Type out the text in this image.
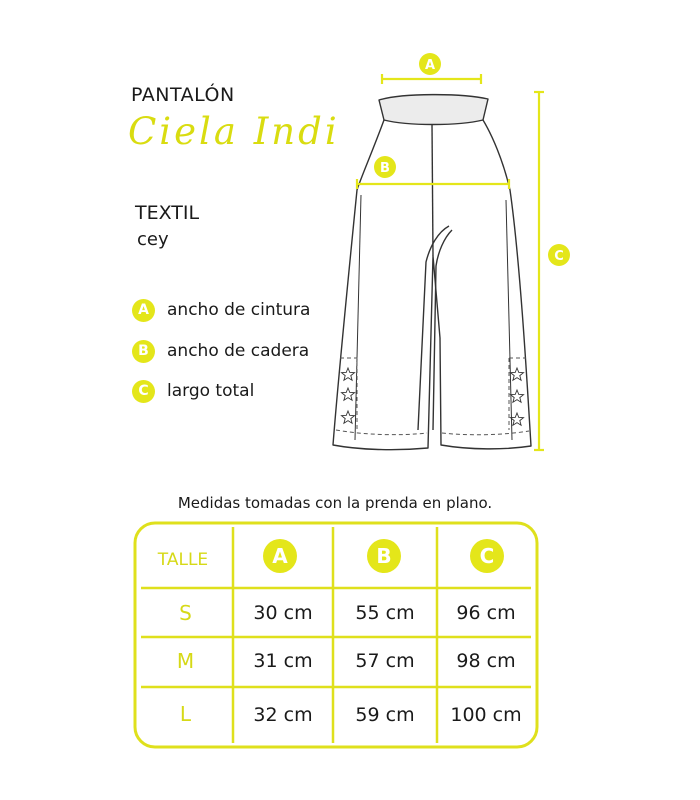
PANTALÓN
Ciela Indi
TEXTIL
cey
A	ancho de cintura
B	ancho de cadera
C	largo total
A
B
C
Medidas tomadas con la prenda en plano.
TALLE	A	B	C
S	30 cm	55 cm	96 cm
M	31 cm	57 cm	98 cm
L	32 cm	59 cm	100 cm
